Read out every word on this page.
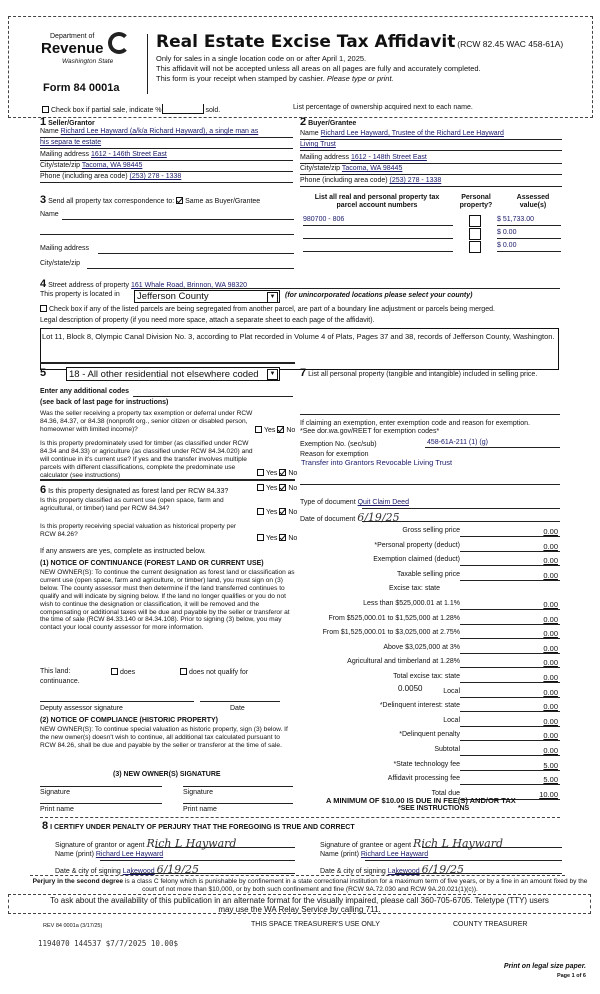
Department of
Revenue
Washington State
Form 84 0001a
Real Estate Excise Tax Affidavit (RCW 82.45 WAC 458-61A)
Only for sales in a single location code on or after April 1, 2025.
This affidavit will not be accepted unless all areas on all pages are fully and accurately completed.
This form is your receipt when stamped by cashier. Please type or print.
Check box if partial sale, indicate %	sold.	List percentage of ownership acquired next to each name.
1 Seller/Grantor
Name Richard Lee Hayward (a/k/a Richard Hayward), a single man as
his separa te estate
Mailing address 1612 - 146th Street East
City/state/zip Tacoma, WA 98445
Phone (including area code) (253) 278 - 1338
2 Buyer/Grantee
Name Richard Lee Hayward, Trustee of the Richard Lee Hayward
Living Trust
Mailing address 1612 - 148th Street East
City/state/zip Tacoma, WA 98445
Phone (including area code) (253) 278 - 1338
3 Send all property tax correspondence to: Same as Buyer/Grantee
Name
Mailing address
City/state/zip
List all real and personal property tax parcel account numbers
Personal property?
Assessed value(s)
980700 - 806	$ 51,733.00
$ 0.00
$ 0.00
4 Street address of property 161 Whale Road, Brinnon, WA 98320
This property is located in	Jefferson County	▼	(for unincorporated locations please select your county)
Check box if any of the listed parcels are being segregated from another parcel, are part of a boundary line adjustment or parcels being merged.
Legal description of property (if you need more space, attach a separate sheet to each page of the affidavit).
Lot 11, Block 8, Olympic Canal Division No. 3, according to Plat recorded in Volume 4 of Plats, Pages 37 and 38, records of Jefferson County, Washington.
5	18 - All other residential not elsewhere coded	▼
Enter any additional codes
(see back of last page for instructions)
Was the seller receiving a property tax exemption or deferral under RCW 84.36, 84.37, or 84.38 (nonprofit org., senior citizen or disabled person, homeowner with limited income)?	Yes No
Is this property predominately used for timber (as classified under RCW 84.34 and 84.33) or agriculture (as classified under RCW 84.34.020) and will continue in it's current use? If yes and the transfer involves multiple parcels with different classifications, complete the predominate use calculator (see instructions)	Yes No
6 Is this property designated as forest land per RCW 84.33?	Yes No
Is this property classified as current use (open space, farm and agricultural, or timber) land per RCW 84.34?
Yes No
Is this property receiving special valuation as historical property per RCW 84.26?
Yes No
If any answers are yes, complete as instructed below.
(1) NOTICE OF CONTINUANCE (FOREST LAND OR CURRENT USE)
NEW OWNER(S): To continue the current designation as forest land or classification as current use (open space, farm and agriculture, or timber) land, you must sign on (3) below. The county assessor must then determine if the land transferred continues to qualify and will indicate by signing below. If the land no longer qualifies or you do not wish to continue the designation or classification, it will be removed and the compensating or additional taxes will be due and payable by the seller or transferor at the time of sale (RCW 84.33.140 or 84.34.108). Prior to signing (3) below, you may contact your local county assessor for more information.
This land:	does	does not qualify for
continuance.
Deputy assessor signature	Date
(2) NOTICE OF COMPLIANCE (HISTORIC PROPERTY)
NEW OWNER(S): To continue special valuation as historic property, sign (3) below. If the new owner(s) doesn't wish to continue, all additional tax calculated pursuant to RCW 84.26, shall be due and payable by the seller or transferor at the time of sale.
(3) NEW OWNER(S) SIGNATURE
Signature	Signature
Print name	Print name
7 List all personal property (tangible and intangible) included in selling price.
If claiming an exemption, enter exemption code and reason for exemption. *See dor.wa.gov/REET for exemption codes*
Exemption No. (sec/sub)	458-61A-211 (1) (g)
Reason for exemption
Transfer into Grantors Revocable Living Trust
Type of document Quit Claim Deed
Date of document 6/19/25
Gross selling price	0.00
*Personal property (deduct)	0.00
Exemption claimed (deduct)	0.00
Taxable selling price	0.00
Excise tax: state
Less than $525,000.01 at 1.1%	0.00
From $525,000.01 to $1,525,000 at 1.28%	0.00
From $1,525,000.01 to $3,025,000 at 2.75%	0.00
Above $3,025,000 at 3%	0.00
Agricultural and timberland at 1.28%	0.00
Total excise tax: state	0.00
Local	0.00
*Delinquent interest: state	0.00
Local	0.00
*Delinquent penalty	0.00
Subtotal	0.00
*State technology fee	5.00
Affidavit processing fee	5.00
Total due	10.00
0.0050
A MINIMUM OF $10.00 IS DUE IN FEE(S) AND/OR TAX
*SEE INSTRUCTIONS
8 I CERTIFY UNDER PENALTY OF PERJURY THAT THE FOREGOING IS TRUE AND CORRECT
Signature of grantor or agent Rich L Hayward
Name (print) Richard Lee Hayward
Date & city of signing Lakewood 6/19/25
Signature of grantee or agent Rich L Hayward
Name (print) Richard Lee Hayward
Date & city of signing Lakewood 6/19/25
Perjury in the second degree is a class C felony which is punishable by confinement in a state correctional institution for a maximum term of five years, or by a fine in an amount fixed by the court of not more than $10,000, or by both such confinement and fine (RCW 9A.72.030 and RCW 9A.20.021(1)(c)).
To ask about the availability of this publication in an alternate format for the visually impaired, please call 360-705-6705. Teletype (TTY) users may use the WA Relay Service by calling 711.
REV 84 0001a (3/17/25)	THIS SPACE TREASURER'S USE ONLY	COUNTY TREASURER
1194070 144537 $7/7/2025 10.00$
Print on legal size paper.
Page 1 of 6
